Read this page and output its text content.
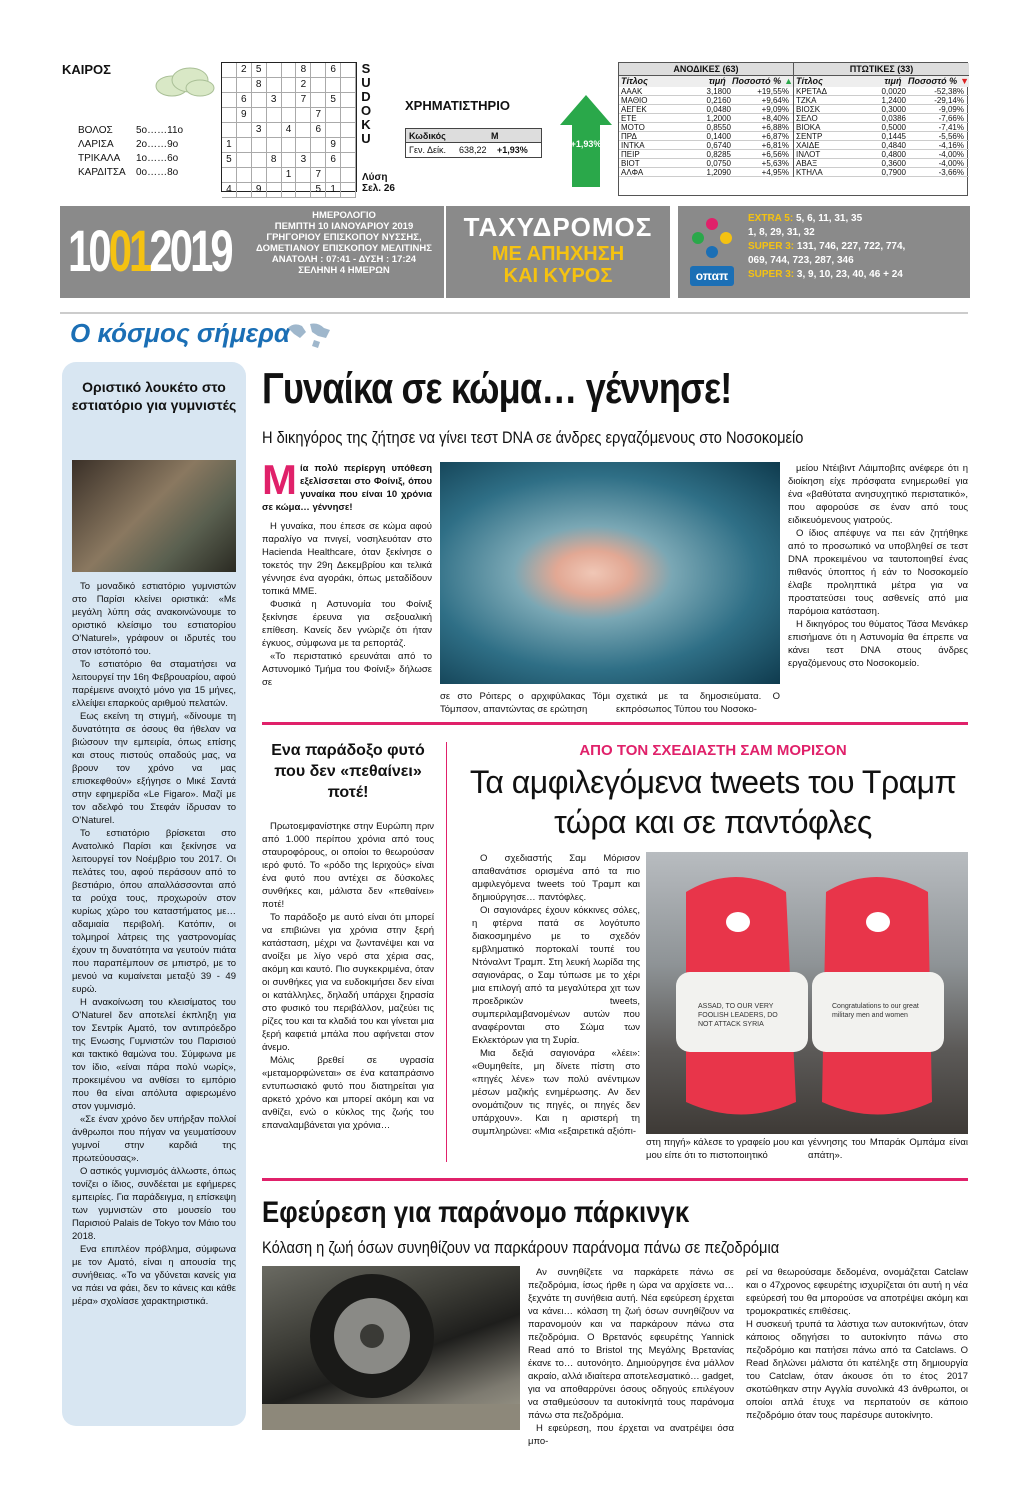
ΚΑΙΡΟΣ
ΒΟΛΟΣ	5ο……11ο
ΛΑΡΙΣΑ	2ο……9ο
ΤΡΙΚΑΛΑ	1ο……6ο
ΚΑΡΔΙΤΣΑ	0ο……8ο
2 5	8	6
8	2
6	3	7	5
9	7
3	4	6
1	9
5	8	3	6
1	7
4	9	5 1
S
U
D
O
K
U
Λύση
Σελ. 26
ΧΡΗΜΑΤΙΣΤΗΡΙΟ
Κωδικός	Μ
Γεν. Δείκ.	638,22	+1,93%
+1,93%
ΑΝΟΔΙΚΕΣ (63)
Τίτλος	τιμή Ποσοστό % ▲
ΑΑΑΚ	3,1800	+19,55%
ΜΑΘΙΟ	0,2160	+9,64%
ΑΕΓΕΚ	0,0480	+9,09%
ΕΤΕ	1,2000	+8,40%
ΜΟΤΟ	0,8550	+6,88%
ΠΡΔ	0,1400	+6,87%
ΙΝΤΚΑ	0,6740	+6,81%
ΠΕΙΡ	0,8285	+6,56%
ΒΙΟΤ	0,0750	+5,63%
ΑΛΦΑ	1,2090	+4,95%
ΠΤΩΤΙΚΕΣ (33)
Τίτλος	τιμή Ποσοστό % ▼
ΚΡΕΤΑΔ	0,0020	-52,38%
ΤΖΚΑ	1,2400	-29,14%
ΒΙΟΣΚ	0,3000	-9,09%
ΣΕΛΟ	0,0386	-7,66%
ΒΙΟΚΑ	0,5000	-7,41%
ΣΕΝΤΡ	0,1445	-5,56%
ΧΑΙΔΕ	0,4840	-4,16%
ΙΝΛΟΤ	0,4800	-4,00%
ΑΒΑΞ	0,3600	-4,00%
ΚΤΗΛΑ	0,7900	-3,66%
10012019
ΗΜΕΡΟΛΟΓΙΟ
ΠΕΜΠΤΗ 10 ΙΑΝΟΥΑΡΙΟΥ 2019
ΓΡΗΓΟΡΙΟΥ ΕΠΙΣΚΟΠΟΥ ΝΥΣΣΗΣ,
ΔΟΜΕΤΙΑΝΟΥ ΕΠΙΣΚΟΠΟΥ ΜΕΛΙΤΙΝΗΣ
ΑΝΑΤΟΛΗ : 07:41 - ΔΥΣΗ : 17:24
ΣΕΛΗΝΗ 4 ΗΜΕΡΩΝ
ΤΑΧΥΔΡΟΜΟΣ
ΜΕ ΑΠΗΧΗΣΗ
ΚΑΙ ΚΥΡΟΣ	οπαπ
EXTRA 5: 5, 6, 11, 31, 35
1, 8, 29, 31, 32
SUPER 3: 131, 746, 227, 722, 774,
069, 744, 723, 287, 346
SUPER 3: 3, 9, 10, 23, 40, 46 + 24
Ο κόσμος σήμερα
Οριστικό λουκέτο στο εστιατόριο για γυμνιστές

Το μοναδικό εστιατόριο γυμνιστών στο Παρίσι κλείνει οριστικά: «Με μεγάλη λύπη σάς ανακοινώνουμε το οριστικό κλείσιμο του εστιατορίου O'Naturel», γράφουν οι ιδρυτές του στον ιστότοπό του.

Το εστιατόριο θα σταματήσει να λειτουργεί την 16η Φεβρουαρίου, αφού παρέμεινε ανοιχτό μόνο για 15 μήνες, ελλείψει επαρκούς αριθμού πελατών.

Εως εκείνη τη στιγμή, «δίνουμε τη δυνατότητα σε όσους θα ήθελαν να βιώσουν την εμπειρία, όπως επίσης και στους πιστούς οπαδούς μας, να βρουν τον χρόνο να μας επισκεφθούν» εξήγησε ο Μικέ Σαντά στην εφημερίδα «Le Figaro». Μαζί με τον αδελφό του Στεφάν ίδρυσαν το O'Naturel.

Το εστιατόριο βρίσκεται στο Ανατολικό Παρίσι και ξεκίνησε να λειτουργεί τον Νοέμβριο του 2017. Οι πελάτες του, αφού περάσουν από το βεστιάριο, όπου απαλλάσσονται από τα ρούχα τους, προχωρούν στον κυρίως χώρο του καταστήματος με… αδαμιαία περιβολή. Κατόπιν, οι τολμηροί λάτρεις της γαστρονομίας έχουν τη δυνατότητα να γευτούν πιάτα που παραπέμπουν σε μπιστρό, με το μενού να κυμαίνεται μεταξύ 39 - 49 ευρώ.

Η ανακοίνωση του κλεισίματος του O'Naturel δεν αποτελεί έκπληξη για τον Σεντρίκ Αματό, τον αντιπρόεδρο της Ενωσης Γυμνιστών του Παρισιού και τακτικό θαμώνα του. Σύμφωνα με τον ίδιο, «είναι πάρα πολύ νωρίς», προκειμένου να ανθίσει το εμπόριο που θα είναι απόλυτα αφιερωμένο στον γυμνισμό.

«Σε έναν χρόνο δεν υπήρξαν πολλοί άνθρωποι που πήγαν να γευματίσουν γυμνοί στην καρδιά της πρωτεύουσας».

Ο αστικός γυμνισμός άλλωστε, όπως τονίζει ο ίδιος, συνδέεται με εφήμερες εμπειρίες. Για παράδειγμα, η επίσκεψη των γυμνιστών στο μουσείο του Παρισιού Palais de Tokyo τον Μάιο του 2018.

Ενα επιπλέον πρόβλημα, σύμφωνα με τον Αματό, είναι η απουσία της συνήθειας. «Το να γδύνεται κανείς για να πάει να φάει, δεν το κάνεις και κάθε μέρα» σχολίασε χαρακτηριστικά.

Γυναίκα σε κώμα… γέννησε!
Η δικηγόρος της ζήτησε να γίνει τεστ DNA σε άνδρες εργαζόμενους στο Νοσοκομείο
Μ ία πολύ περίεργη υπόθεση εξελίσσεται στο Φοίνιξ, όπου γυναίκα που είναι 10 χρόνια σε κώμα… γέννησε!

Η γυναίκα, που έπεσε σε κώμα αφού παραλίγο να πνιγεί, νοσηλευόταν στο Hacienda Healthcare, όταν ξεκίνησε ο τοκετός την 29η Δεκεμβρίου και τελικά γέννησε ένα αγοράκι, όπως μεταδίδουν τοπικά ΜΜΕ.

Φυσικά η Αστυνομία του Φοίνιξ ξεκίνησε έρευνα για σεξουαλική επίθεση. Κανείς δεν γνώριζε ότι ήταν έγκυος, σύμφωνα με τα ρεπορτάζ.

«Το περιστατικό ερευνάται από το Αστυνομικό Τμήμα του Φοίνιξ» δήλωσε σε

σε στο Ρόιτερς ο αρχιφύλακας Τόμι Τόμπσον, απαντώντας σε ερώτηση
σχετικά με τα δημοσιεύματα. Ο εκπρόσωπος Τύπου του Νοσοκο-

μείου Ντέιβιντ Λάιμποβιτς ανέφερε ότι η διοίκηση είχε πρόσφατα ενημερωθεί για ένα «βαθύτατα ανησυχητικό περιστατικό», που αφορούσε σε έναν από τους ειδικευόμενους γιατρούς.

Ο ίδιος απέφυγε να πει εάν ζητήθηκε από το προσωπικό να υποβληθεί σε τεστ DNA προκειμένου να ταυτοποιηθεί ένας πιθανός ύποπτος ή εάν το Νοσοκομείο έλαβε προληπτικά μέτρα για να προστατεύσει τους ασθενείς από μια παρόμοια κατάσταση.

Η δικηγόρος του θύματος Τάσα Μενάκερ επισήμανε ότι η Αστυνομία θα έπρεπε να κάνει τεστ DNA στους άνδρες εργαζόμενους στο Νοσοκομείο.

Ενα παράδοξο φυτό που δεν «πεθαίνει» ποτέ!

Πρωτοεμφανίστηκε στην Ευρώπη πριν από 1.000 περίπου χρόνια από τους σταυροφόρους, οι οποίοι το θεωρούσαν ιερό φυτό. Το «ρόδο της Ιεριχούς» είναι ένα φυτό που αντέχει σε δύσκολες συνθήκες και, μάλιστα δεν «πεθαίνει» ποτέ!

Το παράδοξο με αυτό είναι ότι μπορεί να επιβιώνει για χρόνια στην ξερή κατάσταση, μέχρι να ζωντανέψει και να ανοίξει με λίγο νερό στα χέρια σας, ακόμη και καυτό. Πιο συγκεκριμένα, όταν οι συνθήκες για να ευδοκιμήσει δεν είναι οι κατάλληλες, δηλαδή υπάρχει ξηρασία στο φυσικό του περιβάλλον, μαζεύει τις ρίζες του και τα κλαδιά του και γίνεται μια ξερή καφετιά μπάλα που αφήνεται στον άνεμο.

Μόλις βρεθεί σε υγρασία «μεταμορφώνεται» σε ένα καταπράσινο εντυπωσιακό φυτό που διατηρείται για αρκετό χρόνο και μπορεί ακόμη και να ανθίζει, ενώ ο κύκλος της ζωής του επαναλαμβάνεται για χρόνια…

ΑΠΟ ΤΟΝ ΣΧΕΔΙΑΣΤΗ ΣΑΜ ΜΟΡΙΣΟΝ
Τα αμφιλεγόμενα tweets του Τραμπ τώρα και σε παντόφλες

Ο σχεδιαστής Σαμ Μόρισον απαθανάτισε ορισμένα από τα πιο αμφιλεγόμενα tweets τού Τραμπ και δημιούργησε… παντόφλες.

Οι σαγιονάρες έχουν κόκκινες σόλες, η φτέρνα πατά σε λογότυπο διακοσμημένο με το σχεδόν εμβληματικό πορτοκαλί τουπέ του Ντόναλντ Τραμπ. Στη λευκή λωρίδα της σαγιονάρας, ο Σαμ τύπωσε με το χέρι μια επιλογή από τα μεγαλύτερα χιτ των προεδρικών tweets, συμπεριλαμβανομένων αυτών που αναφέρονται στο Σώμα των Εκλεκτόρων για τη Συρία.

Μια δεξιά σαγιονάρα «λέει»: «Θυμηθείτε, μη δίνετε πίστη στο «πηγές λένε» των πολύ ανέντιμων μέσων μαζικής ενημέρωσης. Αν δεν ονομάτιζουν τις πηγές, οι πηγές δεν υπάρχουν». Και η αριστερή τη συμπληρώνει: «Μια «εξαιρετικά αξιόπι-

ASSAD, TO OUR VERY FOOLISH LEADERS, DO NOT ATTACK SYRIA
Congratulations to our great military men and women
στη πηγή» κάλεσε το γραφείο μου και μου είπε ότι το πιστοποιητικό
γέννησης του Μπαράκ Ομπάμα είναι απάτη».
Εφεύρεση για παράνομο πάρκινγκ
Κόλαση η ζωή όσων συνηθίζουν να παρκάρουν παράνομα πάνω σε πεζοδρόμια

Αν συνηθίζετε να παρκάρετε πάνω σε πεζοδρόμια, ίσως ήρθε η ώρα να αρχίσετε να… ξεχνάτε τη συνήθεια αυτή. Νέα εφεύρεση έρχεται να κάνει… κόλαση τη ζωή όσων συνηθίζουν να παρανομούν και να παρκάρουν πάνω στα πεζοδρόμια. Ο Βρετανός εφευρέτης Yannick Read από το Bristol της Μεγάλης Βρετανίας έκανε το… αυτονόητο. Δημιούργησε ένα μάλλον ακραίο, αλλά ιδιαίτερα αποτελεσματικό… gadget, για να αποθαρρύνει όσους οδηγούς επιλέγουν να σταθμεύσουν τα αυτοκίνητά τους παράνομα πάνω στα πεζοδρόμια.

Η εφεύρεση, που έρχεται να ανατρέψει όσα μπο-

ρεί να θεωρούσαμε δεδομένα, ονομάζεται Catclaw και ο 47χρονος εφευρέτης ισχυρίζεται ότι αυτή η νέα εφεύρεσή του θα μπορούσε να αποτρέψει ακόμη και τρομοκρατικές επιθέσεις.

Η συσκευή τρυπά τα λάστιχα των αυτοκινήτων, όταν κάποιος οδηγήσει το αυτοκίνητο πάνω στο πεζοδρόμιο και πατήσει πάνω από τα Catclaws. Ο Read δηλώνει μάλιστα ότι κατέληξε στη δημιουργία του Catclaw, όταν άκουσε ότι το έτος 2017 σκοτώθηκαν στην Αγγλία συνολικά 43 άνθρωποι, οι οποίοι απλά έτυχε να περπατούν σε κάποιο πεζοδρόμιο όταν τους παρέσυρε αυτοκίνητο.
